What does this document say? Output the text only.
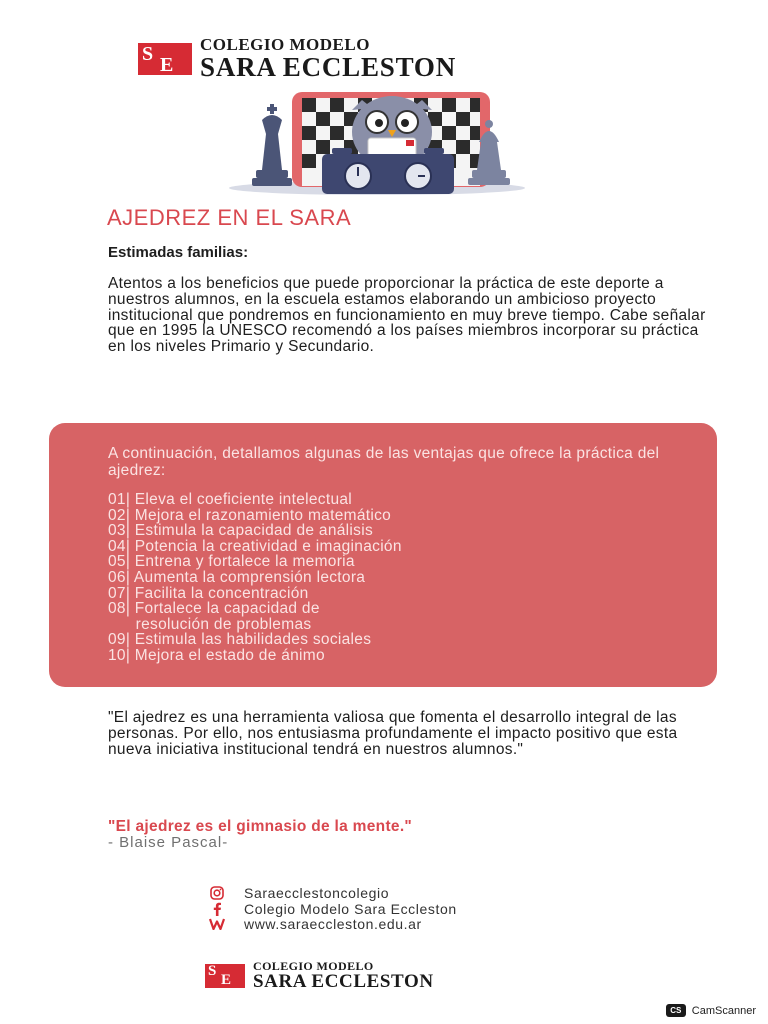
S E
COLEGIO MODELO
SARA ECCLESTON
AJEDREZ EN EL SARA
Estimadas familias:

Atentos a los beneficios que puede proporcionar la práctica de este deporte a nuestros alumnos, en la escuela estamos elaborando un ambicioso proyecto institucional que pondremos en funcionamiento en muy breve tiempo. Cabe señalar que en 1995 la UNESCO recomendó a los países miembros incorporar su práctica en los niveles Primario y Secundario.

A continuación, detallamos algunas de las ventajas que ofrece la práctica del ajedrez:

01| Eleva el coeficiente intelectual
02| Mejora el razonamiento matemático
03| Estimula la capacidad de análisis
04| Potencia la creatividad e imaginación
05| Entrena y fortalece la memoria
06| Aumenta la comprensión lectora
07| Facilita la concentración
08| Fortalece la capacidad de
resolución de problemas
09| Estimula las habilidades sociales
10| Mejora el estado de ánimo

"El ajedrez es una herramienta valiosa que fomenta el desarrollo integral de las personas. Por ello, nos entusiasma profundamente el impacto positivo que esta nueva iniciativa institucional tendrá en nuestros alumnos."

"El ajedrez es el gimnasio de la mente."
- Blaise Pascal-
Saraecclestoncolegio
Colegio Modelo Sara Eccleston
www.saraeccleston.edu.ar
S
E
COLEGIO MODELO
SARA ECCLESTON
CS CamScanner
